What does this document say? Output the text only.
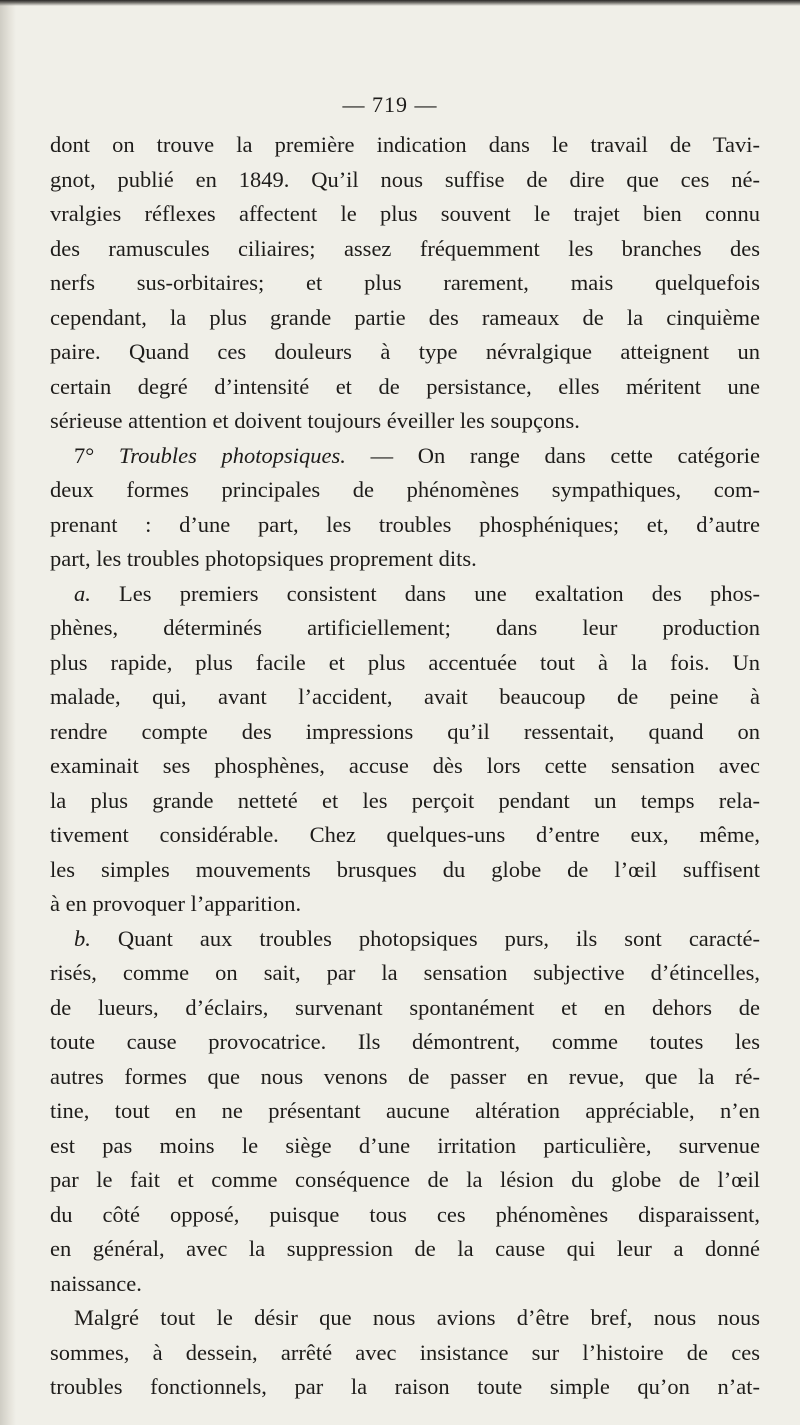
— 719 —
dont on trouve la première indication dans le travail de Tavi-
gnot, publié en 1849. Qu’il nous suffise de dire que ces né-
vralgies réflexes affectent le plus souvent le trajet bien connu
des ramuscules ciliaires; assez fréquemment les branches des
nerfs sus-orbitaires; et plus rarement, mais quelquefois
cependant, la plus grande partie des rameaux de la cinquième
paire. Quand ces douleurs à type névralgique atteignent un
certain degré d’intensité et de persistance, elles méritent une
sérieuse attention et doivent toujours éveiller les soupçons.
7° Troubles photopsiques. — On range dans cette catégorie
deux formes principales de phénomènes sympathiques, com-
prenant : d’une part, les troubles phosphéniques; et, d’autre
part, les troubles photopsiques proprement dits.
a. Les premiers consistent dans une exaltation des phos-
phènes, déterminés artificiellement; dans leur production
plus rapide, plus facile et plus accentuée tout à la fois. Un
malade, qui, avant l’accident, avait beaucoup de peine à
rendre compte des impressions qu’il ressentait, quand on
examinait ses phosphènes, accuse dès lors cette sensation avec
la plus grande netteté et les perçoit pendant un temps rela-
tivement considérable. Chez quelques-uns d’entre eux, même,
les simples mouvements brusques du globe de l’œil suffisent
à en provoquer l’apparition.
b. Quant aux troubles photopsiques purs, ils sont caracté-
risés, comme on sait, par la sensation subjective d’étincelles,
de lueurs, d’éclairs, survenant spontanément et en dehors de
toute cause provocatrice. Ils démontrent, comme toutes les
autres formes que nous venons de passer en revue, que la ré-
tine, tout en ne présentant aucune altération appréciable, n’en
est pas moins le siège d’une irritation particulière, survenue
par le fait et comme conséquence de la lésion du globe de l’œil
du côté opposé, puisque tous ces phénomènes disparaissent,
en général, avec la suppression de la cause qui leur a donné
naissance.
Malgré tout le désir que nous avions d’être bref, nous nous
sommes, à dessein, arrêté avec insistance sur l’histoire de ces
troubles fonctionnels, par la raison toute simple qu’on n’at-
